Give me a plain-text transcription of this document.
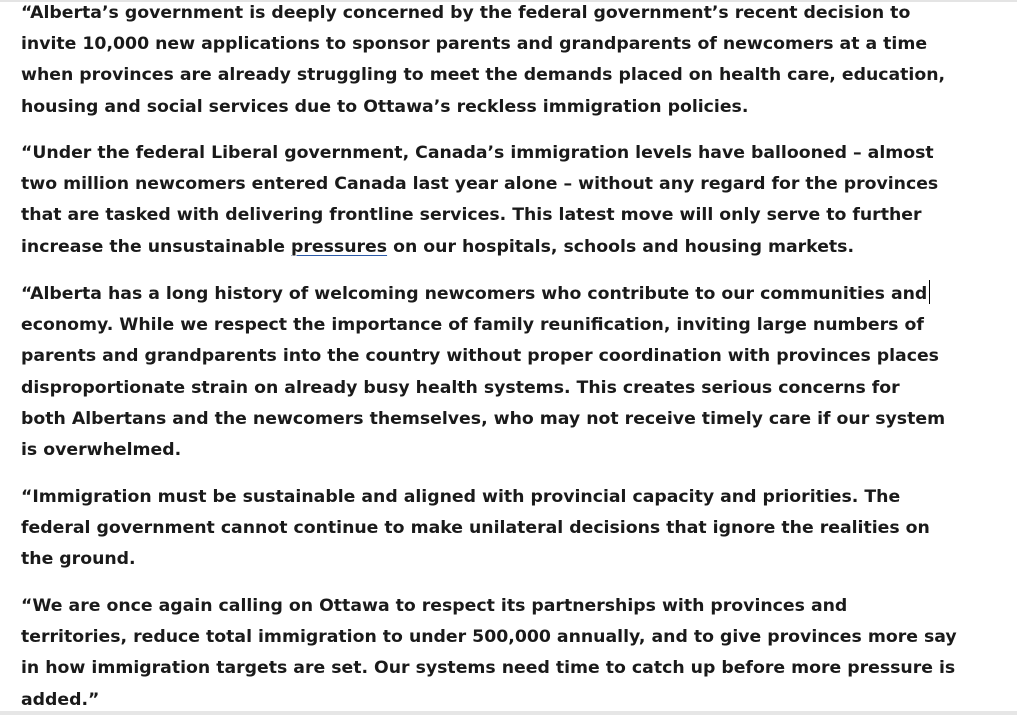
“Alberta’s government is deeply concerned by the federal government’s recent decision to
invite 10,000 new applications to sponsor parents and grandparents of newcomers at a time
when provinces are already struggling to meet the demands placed on health care, education,
housing and social services due to Ottawa’s reckless immigration policies.

“Under the federal Liberal government, Canada’s immigration levels have ballooned – almost
two million newcomers entered Canada last year alone – without any regard for the provinces
that are tasked with delivering frontline services. This latest move will only serve to further
increase the unsustainable pressures on our hospitals, schools and housing markets.

“Alberta has a long history of welcoming newcomers who contribute to our communities and
economy. While we respect the importance of family reunification, inviting large numbers of
parents and grandparents into the country without proper coordination with provinces places
disproportionate strain on already busy health systems. This creates serious concerns for
both Albertans and the newcomers themselves, who may not receive timely care if our system
is overwhelmed.

“Immigration must be sustainable and aligned with provincial capacity and priorities. The
federal government cannot continue to make unilateral decisions that ignore the realities on
the ground.

“We are once again calling on Ottawa to respect its partnerships with provinces and
territories, reduce total immigration to under 500,000 annually, and to give provinces more say
in how immigration targets are set. Our systems need time to catch up before more pressure is
added.”
